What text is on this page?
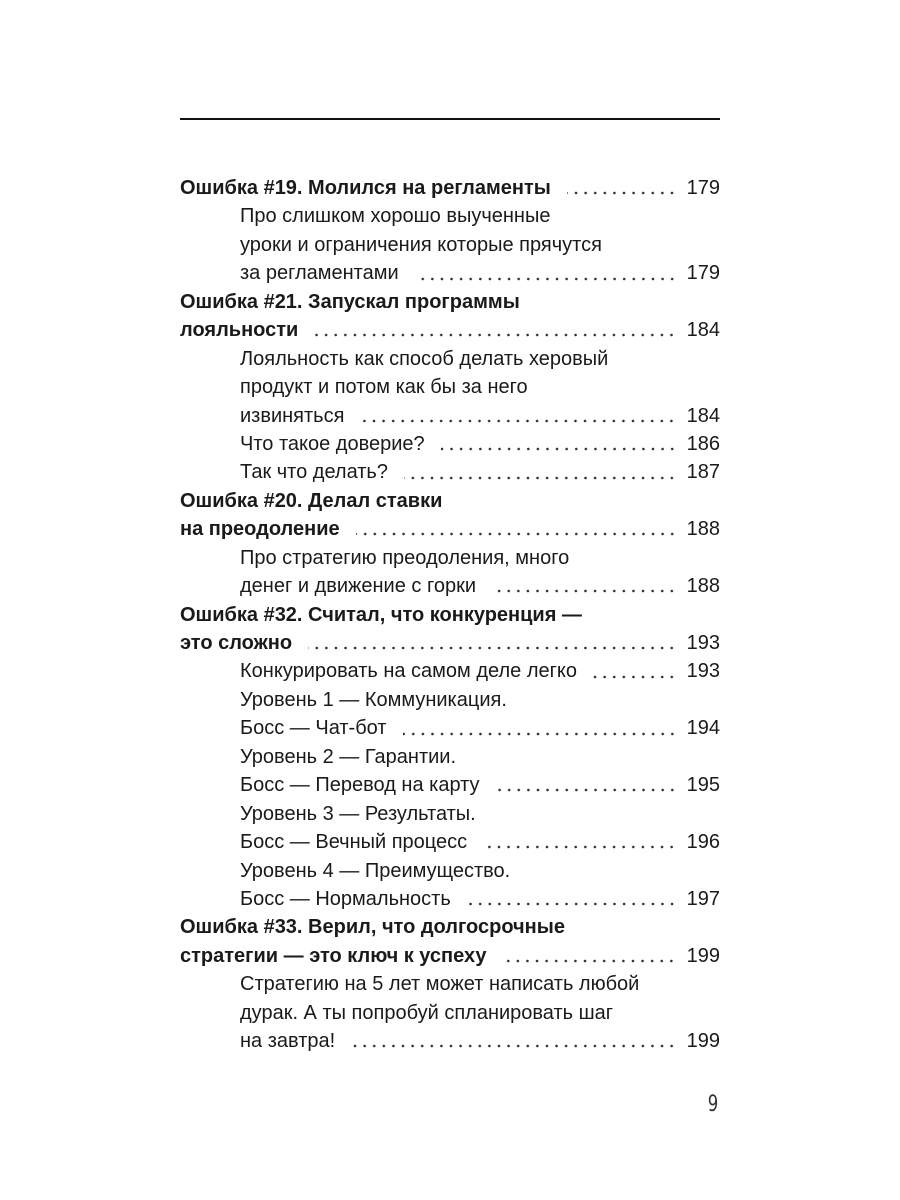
Ошибка #19. Молился на регламенты	179
Про слишком хорошо выученные
уроки и ограничения которые прячутся
за регламентами	179
Ошибка #21. Запускал программы
лояльности	184
Лояльность как способ делать херовый
продукт и потом как бы за него
извиняться	184
Что такое доверие?	186
Так что делать?	187
Ошибка #20. Делал ставки
на преодоление	188
Про стратегию преодоления, много
денег и движение с горки	188
Ошибка #32. Считал, что конкуренция —
это сложно	193
Конкурировать на самом деле легко	193
Уровень 1 — Коммуникация.
Босс — Чат-бот	194
Уровень 2 — Гарантии.
Босс — Перевод на карту	195
Уровень 3 — Результаты.
Босс — Вечный процесс	196
Уровень 4 — Преимущество.
Босс — Нормальность	197
Ошибка #33. Верил, что долгосрочные
стратегии — это ключ к успеху	199
Стратегию на 5 лет может написать любой
дурак. А ты попробуй спланировать шаг
на завтра!	199
9
